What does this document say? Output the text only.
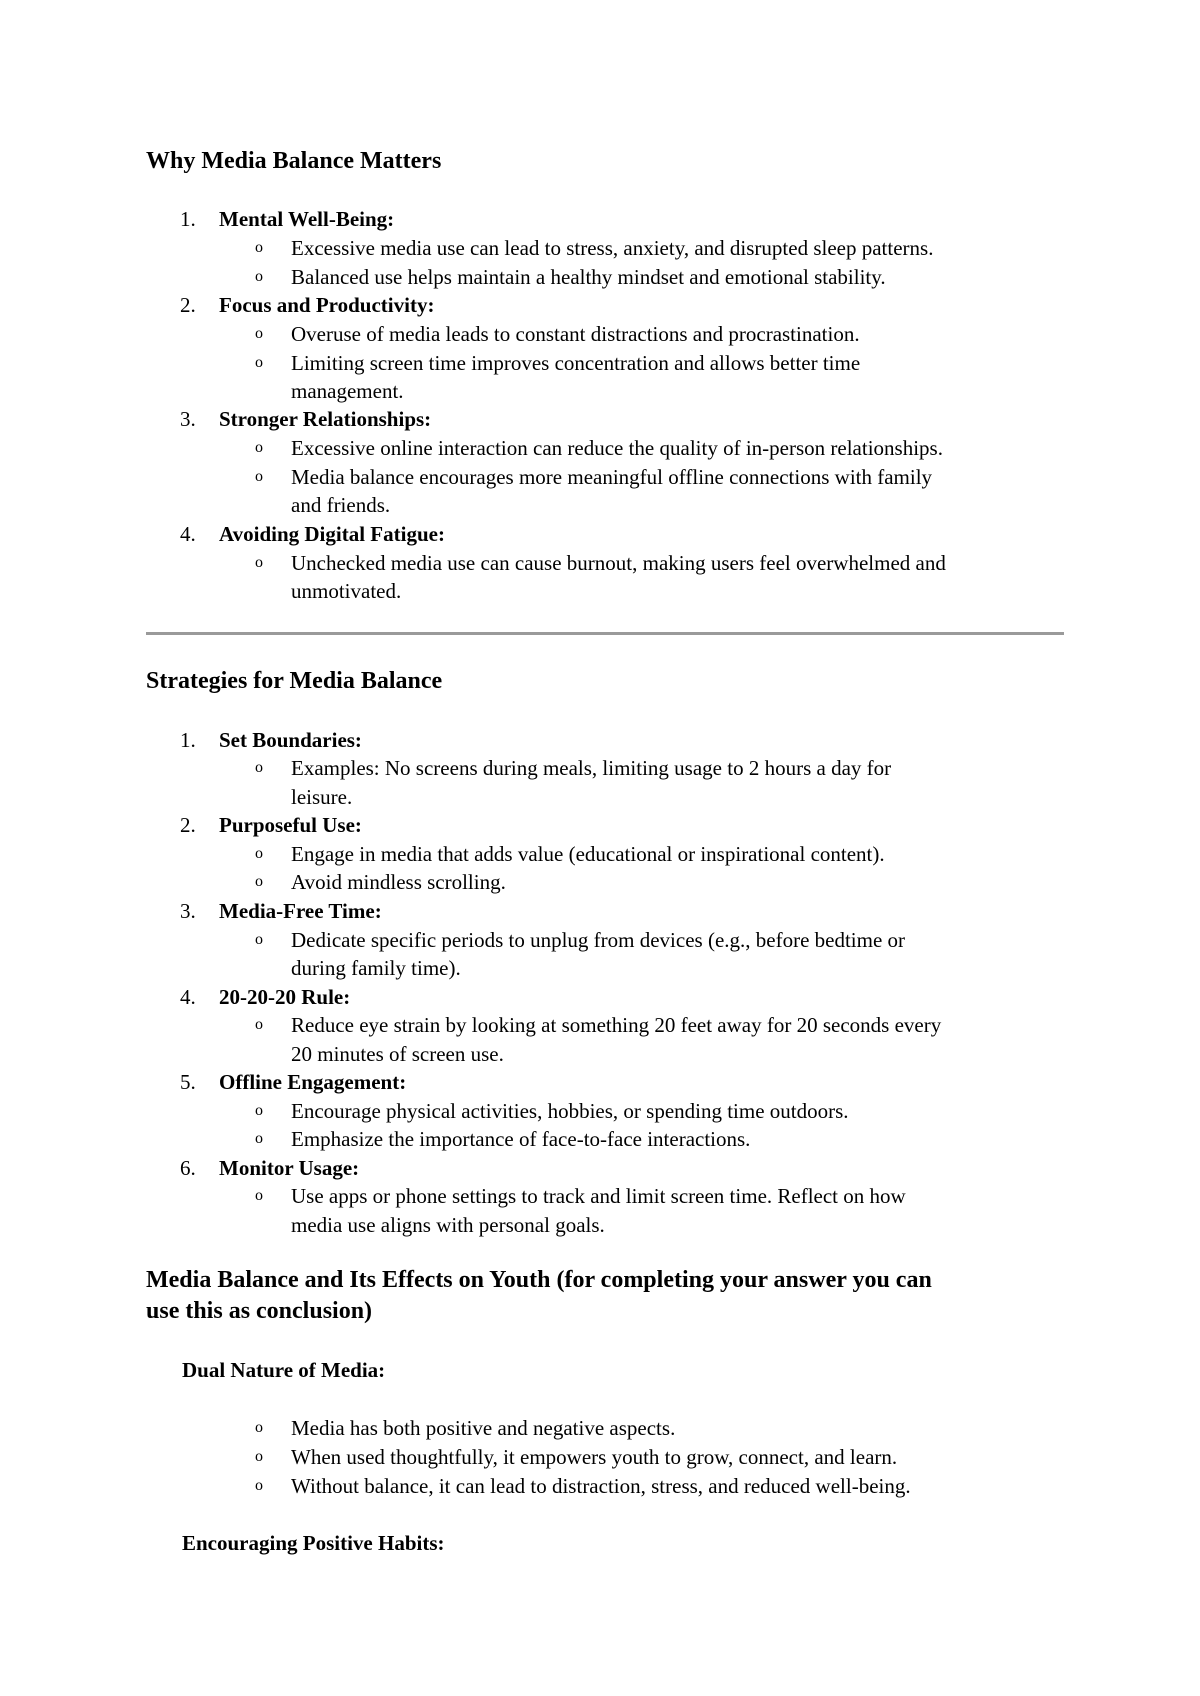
Why Media Balance Matters
1. Mental Well-Being:
o Excessive media use can lead to stress, anxiety, and disrupted sleep patterns.
o Balanced use helps maintain a healthy mindset and emotional stability.
2. Focus and Productivity:
o Overuse of media leads to constant distractions and procrastination.
o Limiting screen time improves concentration and allows better time
management.
3. Stronger Relationships:
o Excessive online interaction can reduce the quality of in-person relationships.
o Media balance encourages more meaningful offline connections with family
and friends.
4. Avoiding Digital Fatigue:
o Unchecked media use can cause burnout, making users feel overwhelmed and
unmotivated.
Strategies for Media Balance
1. Set Boundaries:
o Examples: No screens during meals, limiting usage to 2 hours a day for
leisure.
2. Purposeful Use:
o Engage in media that adds value (educational or inspirational content).
o Avoid mindless scrolling.
3. Media-Free Time:
o Dedicate specific periods to unplug from devices (e.g., before bedtime or
during family time).
4. 20-20-20 Rule:
o Reduce eye strain by looking at something 20 feet away for 20 seconds every
20 minutes of screen use.
5. Offline Engagement:
o Encourage physical activities, hobbies, or spending time outdoors.
o Emphasize the importance of face-to-face interactions.
6. Monitor Usage:
o Use apps or phone settings to track and limit screen time. Reflect on how
media use aligns with personal goals.
Media Balance and Its Effects on Youth (for completing your answer you can
use this as conclusion)
Dual Nature of Media:
o Media has both positive and negative aspects.
o When used thoughtfully, it empowers youth to grow, connect, and learn.
o Without balance, it can lead to distraction, stress, and reduced well-being.
Encouraging Positive Habits:
